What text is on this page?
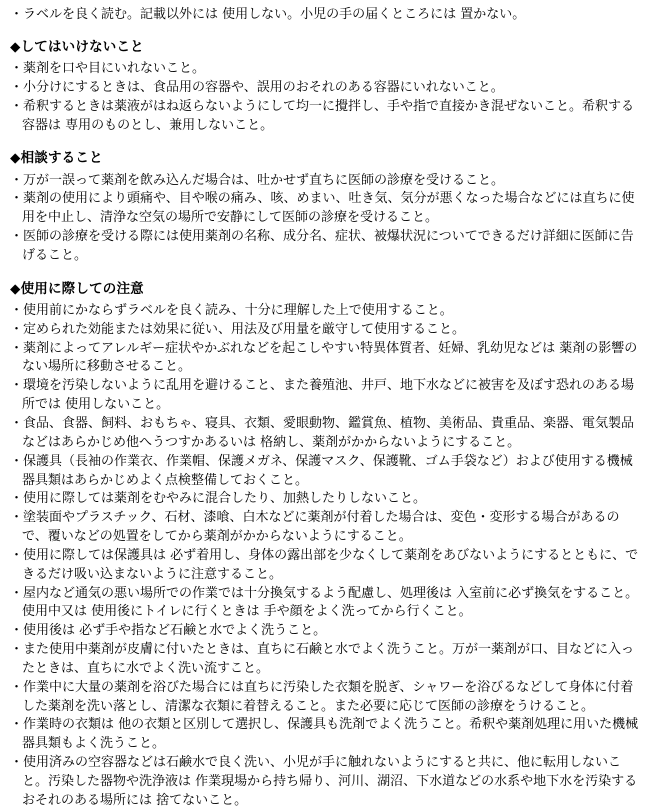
・ラベルを良く読む。記載以外には 使用しない。小児の手の届くところには 置かない。
◆してはいけないこと
・薬剤を口や目にいれないこと。
・小分けにするときは、食品用の容器や、誤用のおそれのある容器にいれないこと。
・希釈するときは薬液がはね返らないようにして均一に攪拌し、手や指で直接かき混ぜないこと。希釈する容器は 専用のものとし、兼用しないこと。
◆相談すること
・万が一誤って薬剤を飲み込んだ場合は、吐かせず直ちに医師の診療を受けること。
・薬剤の使用により頭痛や、目や喉の痛み、咳、めまい、吐き気、気分が悪くなった場合などには直ちに使用を中止し、清浄な空気の場所で安静にして医師の診療を受けること。
・医師の診療を受ける際には使用薬剤の名称、成分名、症状、被爆状況についてできるだけ詳細に医師に告げること。
◆使用に際しての注意
・使用前にかならずラベルを良く読み、十分に理解した上で使用すること。
・定められた効能または効果に従い、用法及び用量を厳守して使用すること。
・薬剤によってアレルギー症状やかぶれなどを起こしやすい特異体質者、妊婦、乳幼児などは 薬剤の影響のない場所に移動させること。
・環境を汚染しないように乱用を避けること、また養殖池、井戸、地下水などに被害を及ぼす恐れのある場所では 使用しないこと。
・食品、食器、飼料、おもちゃ、寝具、衣類、愛眼動物、鑑賞魚、植物、美術品、貴重品、楽器、電気製品などはあらかじめ他へうつすかあるいは 格納し、薬剤がかからないようにすること。
・保護具（長袖の作業衣、作業帽、保護メガネ、保護マスク、保護靴、ゴム手袋など）および使用する機械器具類はあらかじめよく点検整備しておくこと。
・使用に際しては薬剤をむやみに混合したり、加熱したりしないこと。
・塗装面やプラスチック、石材、漆喰、白木などに薬剤が付着した場合は、変色・変形する場合があるので、覆いなどの処置をしてから薬剤がかからないようにすること。
・使用に際しては保護具は 必ず着用し、身体の露出部を少なくして薬剤をあびないようにするとともに、できるだけ吸い込まないように注意すること。
・屋内など通気の悪い場所での作業では十分換気するよう配慮し、処理後は 入室前に必ず換気をすること。使用中又は 使用後にトイレに行くときは 手や顔をよく洗ってから行くこと。
・使用後は 必ず手や指など石鹸と水でよく洗うこと。
・また使用中薬剤が皮膚に付いたときは、直ちに石鹸と水でよく洗うこと。万が一薬剤が口、目などに入ったときは、直ちに水でよく洗い流すこと。
・作業中に大量の薬剤を浴びた場合には直ちに汚染した衣類を脱ぎ、シャワーを浴びるなどして身体に付着した薬剤を洗い落とし、清潔な衣類に着替えること。また必要に応じて医師の診療をうけること。
・作業時の衣類は 他の衣類と区別して選択し、保護具も洗剤でよく洗うこと。希釈や薬剤処理に用いた機械器具類もよく洗うこと。
・使用済みの空容器などは石鹸水で良く洗い、小児が手に触れないようにすると共に、他に転用しないこと。汚染した器物や洗浄液は 作業現場から持ち帰り、河川、湖沼、下水道などの水系や地下水を汚染するおそれのある場所には 捨てないこと。
